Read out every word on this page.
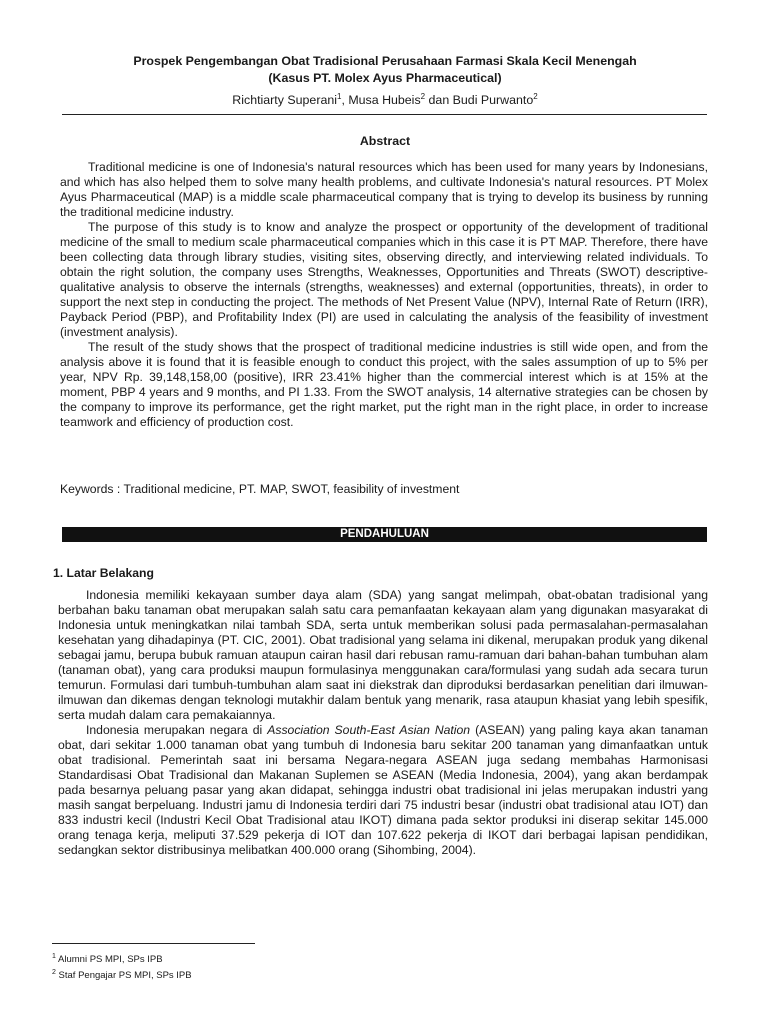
Prospek Pengembangan Obat Tradisional Perusahaan Farmasi Skala Kecil Menengah
(Kasus PT. Molex Ayus Pharmaceutical)
Richtiarty Superani$^1$, Musa Hubeis$^2$ dan Budi Purwanto$^2$
Abstract

Traditional medicine is one of Indonesia's natural resources which has been used for many years by Indonesians, and which has also helped them to solve many health problems, and cultivate Indonesia's natural resources. PT Molex Ayus Pharmaceutical (MAP) is a middle scale pharmaceutical company that is trying to develop its business by running the traditional medicine industry.

The purpose of this study is to know and analyze the prospect or opportunity of the development of traditional medicine of the small to medium scale pharmaceutical companies which in this case it is PT MAP. Therefore, there have been collecting data through library studies, visiting sites, observing directly, and interviewing related individuals. To obtain the right solution, the company uses Strengths, Weaknesses, Opportunities and Threats (SWOT) descriptive-qualitative analysis to observe the internals (strengths, weaknesses) and external (opportunities, threats), in order to support the next step in conducting the project. The methods of Net Present Value (NPV), Internal Rate of Return (IRR), Payback Period (PBP), and Profitability Index (PI) are used in calculating the analysis of the feasibility of investment (investment analysis).

The result of the study shows that the prospect of traditional medicine industries is still wide open, and from the analysis above it is found that it is feasible enough to conduct this project, with the sales assumption of up to 5% per year, NPV Rp. 39,148,158,00 (positive), IRR 23.41% higher than the commercial interest which is at 15% at the moment, PBP 4 years and 9 months, and PI 1.33. From the SWOT analysis, 14 alternative strategies can be chosen by the company to improve its performance, get the right market, put the right man in the right place, in order to increase teamwork and efficiency of production cost.

Keywords : Traditional medicine, PT. MAP, SWOT, feasibility of investment
PENDAHULUAN
1. Latar Belakang

Indonesia memiliki kekayaan sumber daya alam (SDA) yang sangat melimpah, obat-obatan tradisional yang berbahan baku tanaman obat merupakan salah satu cara pemanfaatan kekayaan alam yang digunakan masyarakat di Indonesia untuk meningkatkan nilai tambah SDA, serta untuk memberikan solusi pada permasalahan-permasalahan kesehatan yang dihadapinya (PT. CIC, 2001). Obat tradisional yang selama ini dikenal, merupakan produk yang dikenal sebagai jamu, berupa bubuk ramuan ataupun cairan hasil dari rebusan ramu-ramuan dari bahan-bahan tumbuhan alam (tanaman obat), yang cara produksi maupun formulasinya menggunakan cara/formulasi yang sudah ada secara turun temurun. Formulasi dari tumbuh-tumbuhan alam saat ini diekstrak dan diproduksi berdasarkan penelitian dari ilmuwan-ilmuwan dan dikemas dengan teknologi mutakhir dalam bentuk yang menarik, rasa ataupun khasiat yang lebih spesifik, serta mudah dalam cara pemakaiannya.

Indonesia merupakan negara di Association South-East Asian Nation (ASEAN) yang paling kaya akan tanaman obat, dari sekitar 1.000 tanaman obat yang tumbuh di Indonesia baru sekitar 200 tanaman yang dimanfaatkan untuk obat tradisional. Pemerintah saat ini bersama Negara-negara ASEAN juga sedang membahas Harmonisasi Standardisasi Obat Tradisional dan Makanan Suplemen se ASEAN (Media Indonesia, 2004), yang akan berdampak pada besarnya peluang pasar yang akan didapat, sehingga industri obat tradisional ini jelas merupakan industri yang masih sangat berpeluang. Industri jamu di Indonesia terdiri dari 75 industri besar (industri obat tradisional atau IOT) dan 833 industri kecil (Industri Kecil Obat Tradisional atau IKOT) dimana pada sektor produksi ini diserap sekitar 145.000 orang tenaga kerja, meliputi 37.529 pekerja di IOT dan 107.622 pekerja di IKOT dari berbagai lapisan pendidikan, sedangkan sektor distribusinya melibatkan 400.000 orang (Sihombing, 2004).

$^1$ Alumni PS MPI, SPs IPB
$^2$ Staf Pengajar PS MPI, SPs IPB
